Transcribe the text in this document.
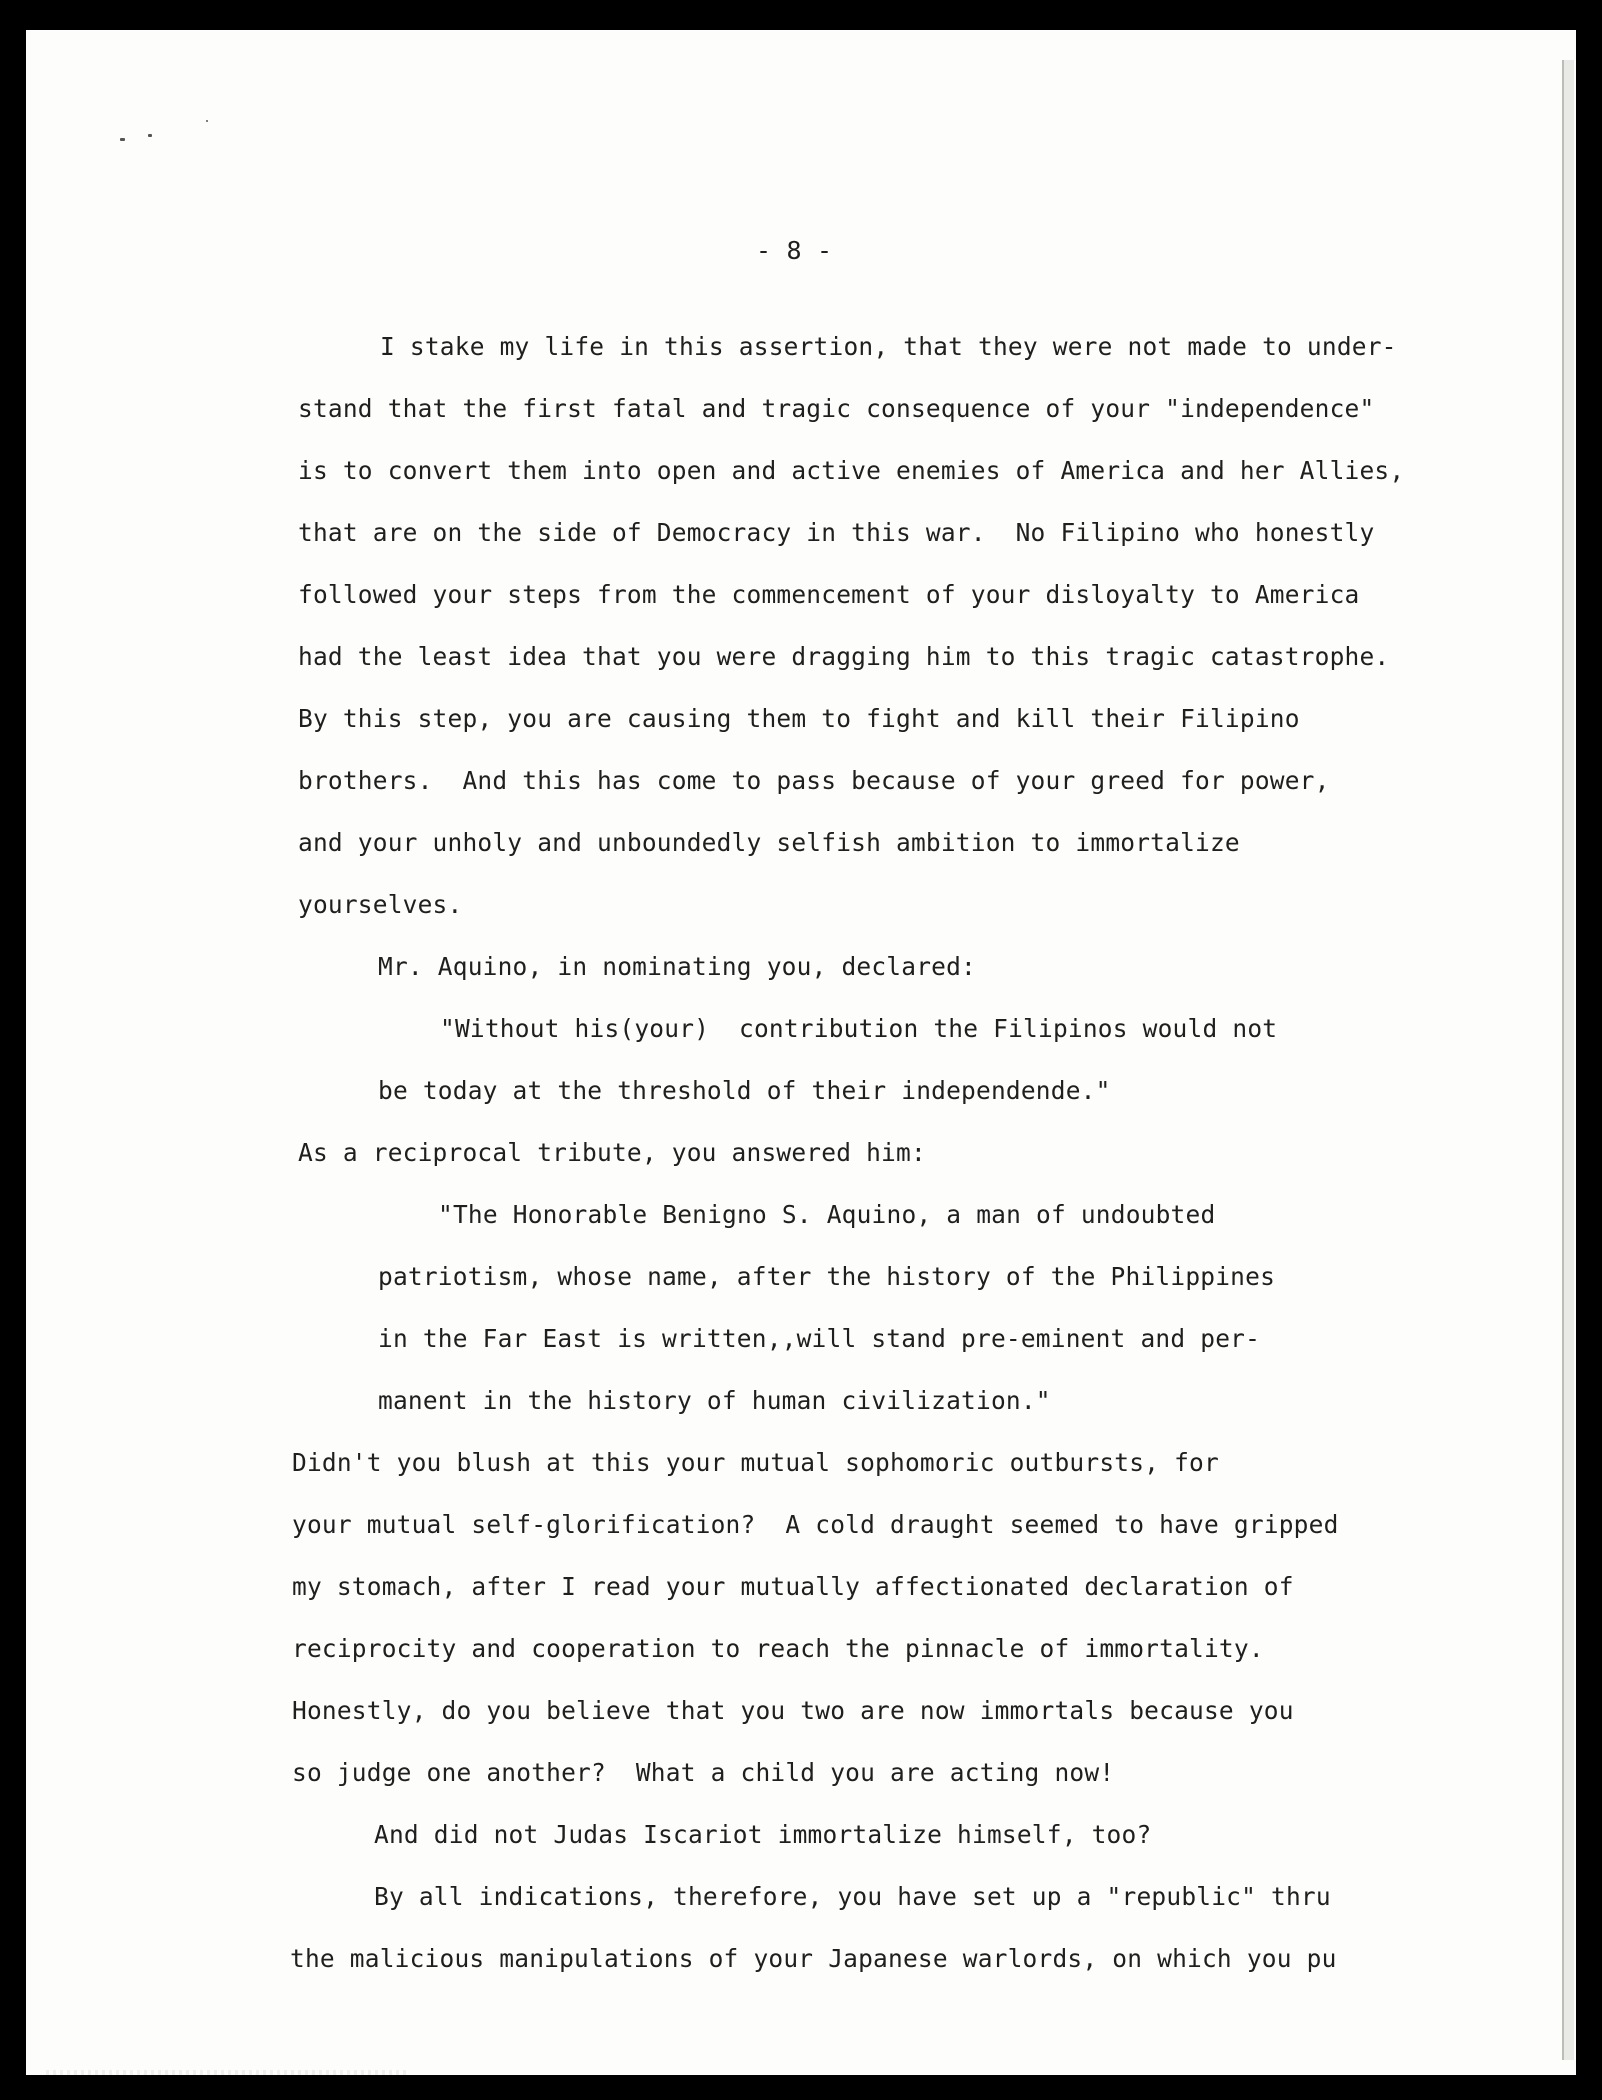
- 8 -
I stake my life in this assertion, that they were not made to under-
stand that the first fatal and tragic consequence of your "independence"
is to convert them into open and active enemies of America and her Allies,
that are on the side of Democracy in this war.  No Filipino who honestly
followed your steps from the commencement of your disloyalty to America
had the least idea that you were dragging him to this tragic catastrophe.
By this step, you are causing them to fight and kill their Filipino
brothers.  And this has come to pass because of your greed for power,
and your unholy and unboundedly selfish ambition to immortalize
yourselves.
Mr. Aquino, in nominating you, declared:
"Without his(your)  contribution the Filipinos would not
be today at the threshold of their independende."
As a reciprocal tribute, you answered him:
"The Honorable Benigno S. Aquino, a man of undoubted
patriotism, whose name, after the history of the Philippines
in the Far East is written,,will stand pre-eminent and per-
manent in the history of human civilization."
Didn't you blush at this your mutual sophomoric outbursts, for
your mutual self-glorification?  A cold draught seemed to have gripped
my stomach, after I read your mutually affectionated declaration of
reciprocity and cooperation to reach the pinnacle of immortality.
Honestly, do you believe that you two are now immortals because you
so judge one another?  What a child you are acting now!
And did not Judas Iscariot immortalize himself, too?
By all indications, therefore, you have set up a "republic" thru
the malicious manipulations of your Japanese warlords, on which you pu
